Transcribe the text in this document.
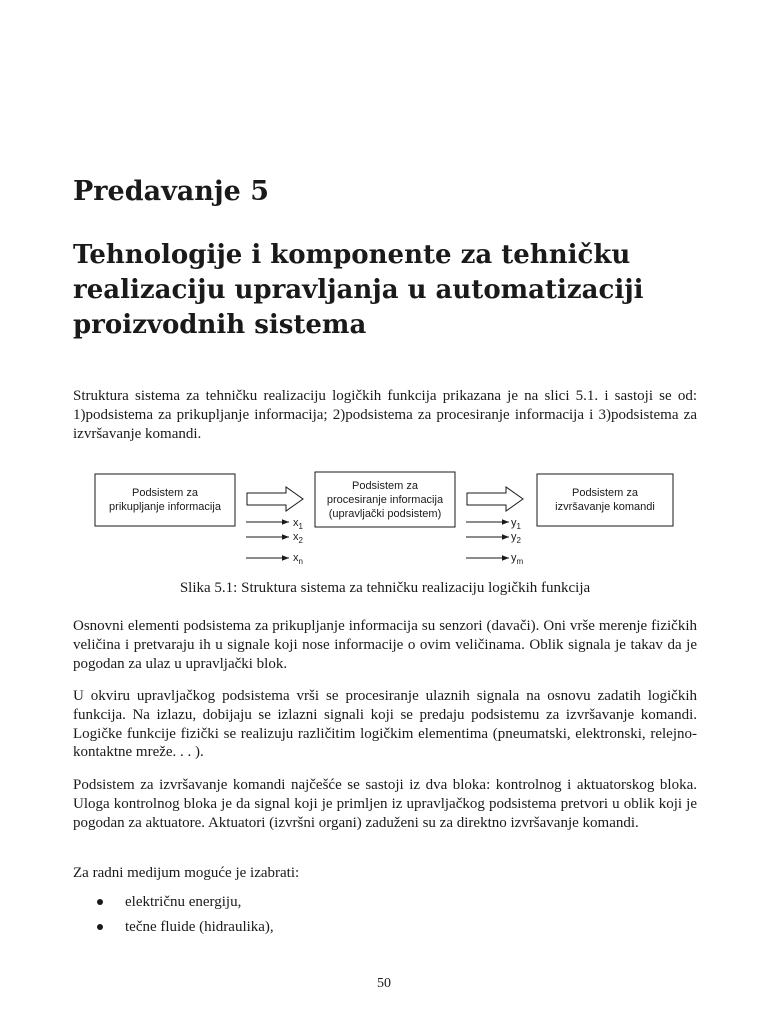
Predavanje 5
Tehnologije i komponente za tehničku realizaciju upravljanja u automatizaciji proizvodnih sistema

Struktura sistema za tehničku realizaciju logičkih funkcija prikazana je na slici 5.1. i sastoji se od: 1)podsistema za prikupljanje informacija; 2)podsistema za procesiranje informacija i 3)podsistema za izvršavanje komandi.

Podsistem za
prikupljanje informacija
Podsistem za
procesiranje informacija
(upravljački podsistem)
Podsistem za
izvršavanje komandi
$x_1$
$x_2$
$x_n$
$y_1$
$y_2$
$y_m$
Slika 5.1: Struktura sistema za tehničku realizaciju logičkih funkcija

Osnovni elementi podsistema za prikupljanje informacija su senzori (davači). Oni vrše merenje fizičkih veličina i pretvaraju ih u signale koji nose informacije o ovim veličinama. Oblik signala je takav da je pogodan za ulaz u upravljački blok.

U okviru upravljačkog podsistema vrši se procesiranje ulaznih signala na osnovu zadatih logičkih funkcija. Na izlazu, dobijaju se izlazni signali koji se predaju podsistemu za izvršavanje komandi. Logičke funkcije fizički se realizuju različitim logičkim elementima (pneumatski, elektronski, relejno-kontaktne mreže. . . ).

Podsistem za izvršavanje komandi najčešće se sastoji iz dva bloka: kontrolnog i aktuatorskog bloka. Uloga kontrolnog bloka je da signal koji je primljen iz upravljačkog podsistema pretvori u oblik koji je pogodan za aktuatore. Aktuatori (izvršni organi) zaduženi su za direktno izvršavanje komandi.

Za radni medijum moguće je izabrati:

električnu energiju,
tečne fluide (hidraulika),
50
